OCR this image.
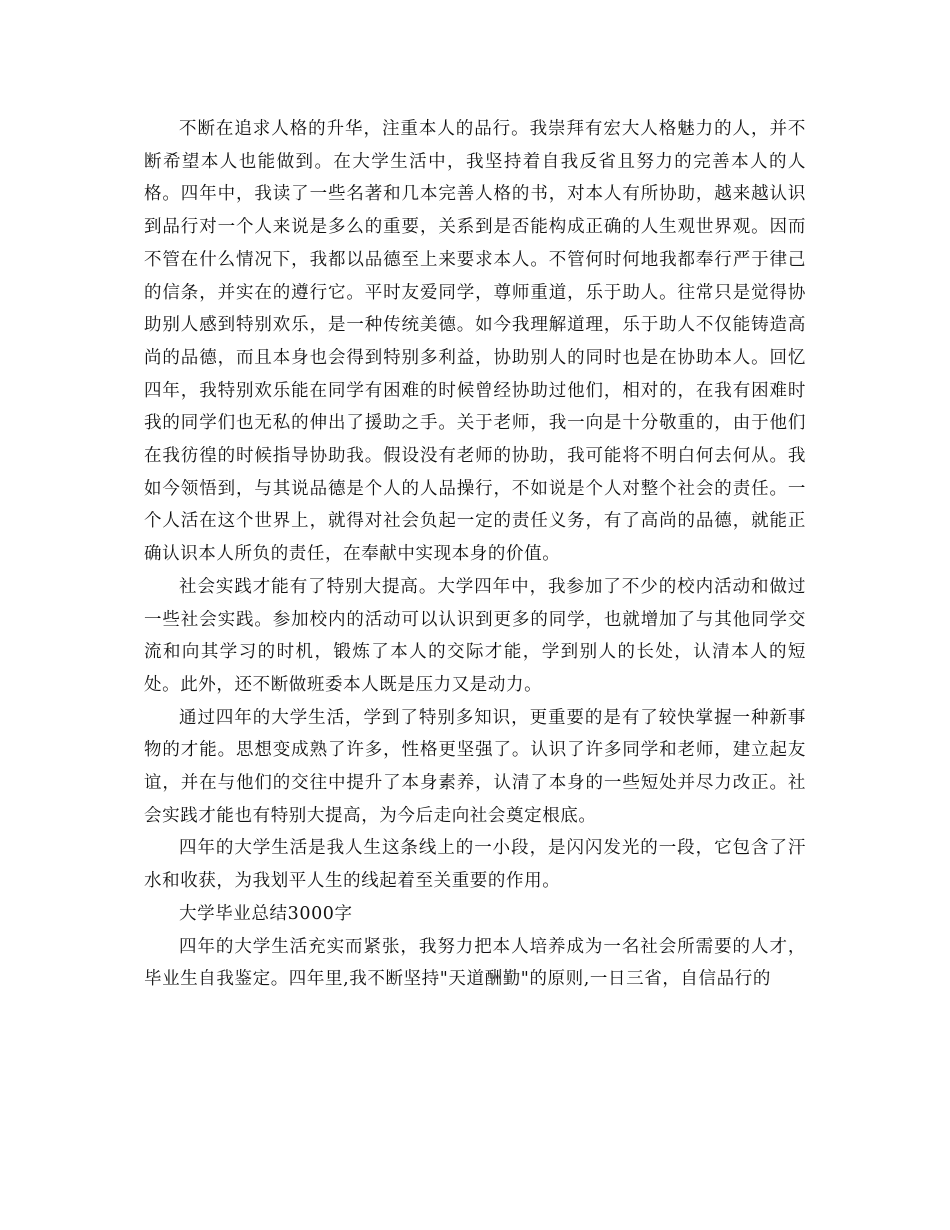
不断在追求人格的升华，注重本人的品行。我崇拜有宏大人格魅力的人，并不断希望本人也能做到。在大学生活中，我坚持着自我反省且努力的完善本人的人格。四年中，我读了一些名著和几本完善人格的书，对本人有所协助，越来越认识到品行对一个人来说是多么的重要，关系到是否能构成正确的人生观世界观。因而不管在什么情况下，我都以品德至上来要求本人。不管何时何地我都奉行严于律己的信条，并实在的遵行它。平时友爱同学，尊师重道，乐于助人。往常只是觉得协助别人感到特别欢乐，是一种传统美德。如今我理解道理，乐于助人不仅能铸造高尚的品德，而且本身也会得到特别多利益，协助别人的同时也是在协助本人。回忆四年，我特别欢乐能在同学有困难的时候曾经协助过他们，相对的，在我有困难时我的同学们也无私的伸出了援助之手。关于老师，我一向是十分敬重的，由于他们在我彷徨的时候指导协助我。假设没有老师的协助，我可能将不明白何去何从。我如今领悟到，与其说品德是个人的人品操行，不如说是个人对整个社会的责任。一个人活在这个世界上，就得对社会负起一定的责任义务，有了高尚的品德，就能正确认识本人所负的责任，在奉献中实现本身的价值。

社会实践才能有了特别大提高。大学四年中，我参加了不少的校内活动和做过一些社会实践。参加校内的活动可以认识到更多的同学，也就增加了与其他同学交流和向其学习的时机，锻炼了本人的交际才能，学到别人的长处，认清本人的短处。此外，还不断做班委本人既是压力又是动力。

通过四年的大学生活，学到了特别多知识，更重要的是有了较快掌握一种新事物的才能。思想变成熟了许多，性格更坚强了。认识了许多同学和老师，建立起友谊，并在与他们的交往中提升了本身素养，认清了本身的一些短处并尽力改正。社会实践才能也有特别大提高，为今后走向社会奠定根底。

四年的大学生活是我人生这条线上的一小段，是闪闪发光的一段，它包含了汗水和收获，为我划平人生的线起着至关重要的作用。

大学毕业总结3000字

四年的大学生活充实而紧张，我努力把本人培养成为一名社会所需要的人才，毕业生自我鉴定。四年里,我不断坚持"天道酬勤"的原则,一日三省，自信品行的
